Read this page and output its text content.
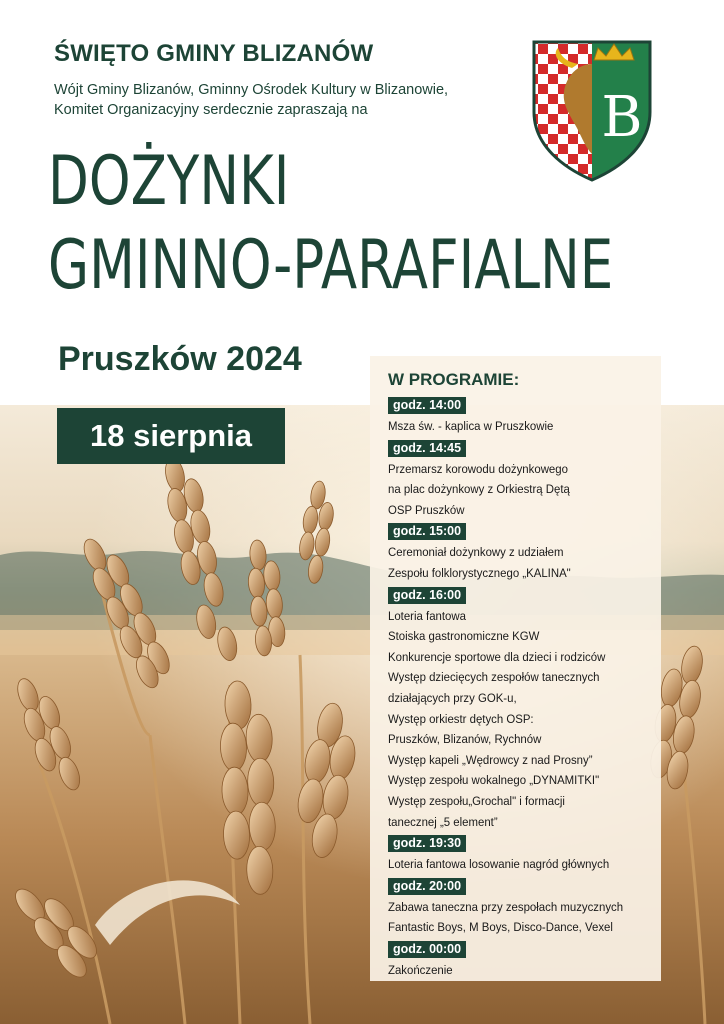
ŚWIĘTO GMINY BLIZANÓW

Wójt Gminy Blizanów, Gminny Ośrodek Kultury w Blizanowie,
Komitet Organizacyjny serdecznie zapraszają na

DOŻYNKI
GMINNO-PARAFIALNE
Pruszków 2024
18 sierpnia
B
W PROGRAMIE:
godz. 14:00
Msza św. - kaplica w Pruszkowie
godz. 14:45
Przemarsz korowodu dożynkowego
na plac dożynkowy z Orkiestrą Dętą
OSP Pruszków
godz. 15:00
Ceremoniał dożynkowy z udziałem
Zespołu folklorystycznego „KALINA"
godz. 16:00
Loteria fantowa
Stoiska gastronomiczne KGW
Konkurencje sportowe dla dzieci i rodziców
Występ dziecięcych zespołów tanecznych
działających przy GOK-u,
Występ orkiestr dętych OSP:
Pruszków, Blizanów, Rychnów
Występ kapeli „Wędrowcy z nad Prosny”
Występ zespołu wokalnego „DYNAMITKI"
Występ zespołu„Grochal" i formacji
tanecznej „5 element”
godz. 19:30
Loteria fantowa losowanie nagród głównych
godz. 20:00
Zabawa taneczna przy zespołach muzycznych
Fantastic Boys, M Boys, Disco-Dance, Vexel
godz. 00:00
Zakończenie
